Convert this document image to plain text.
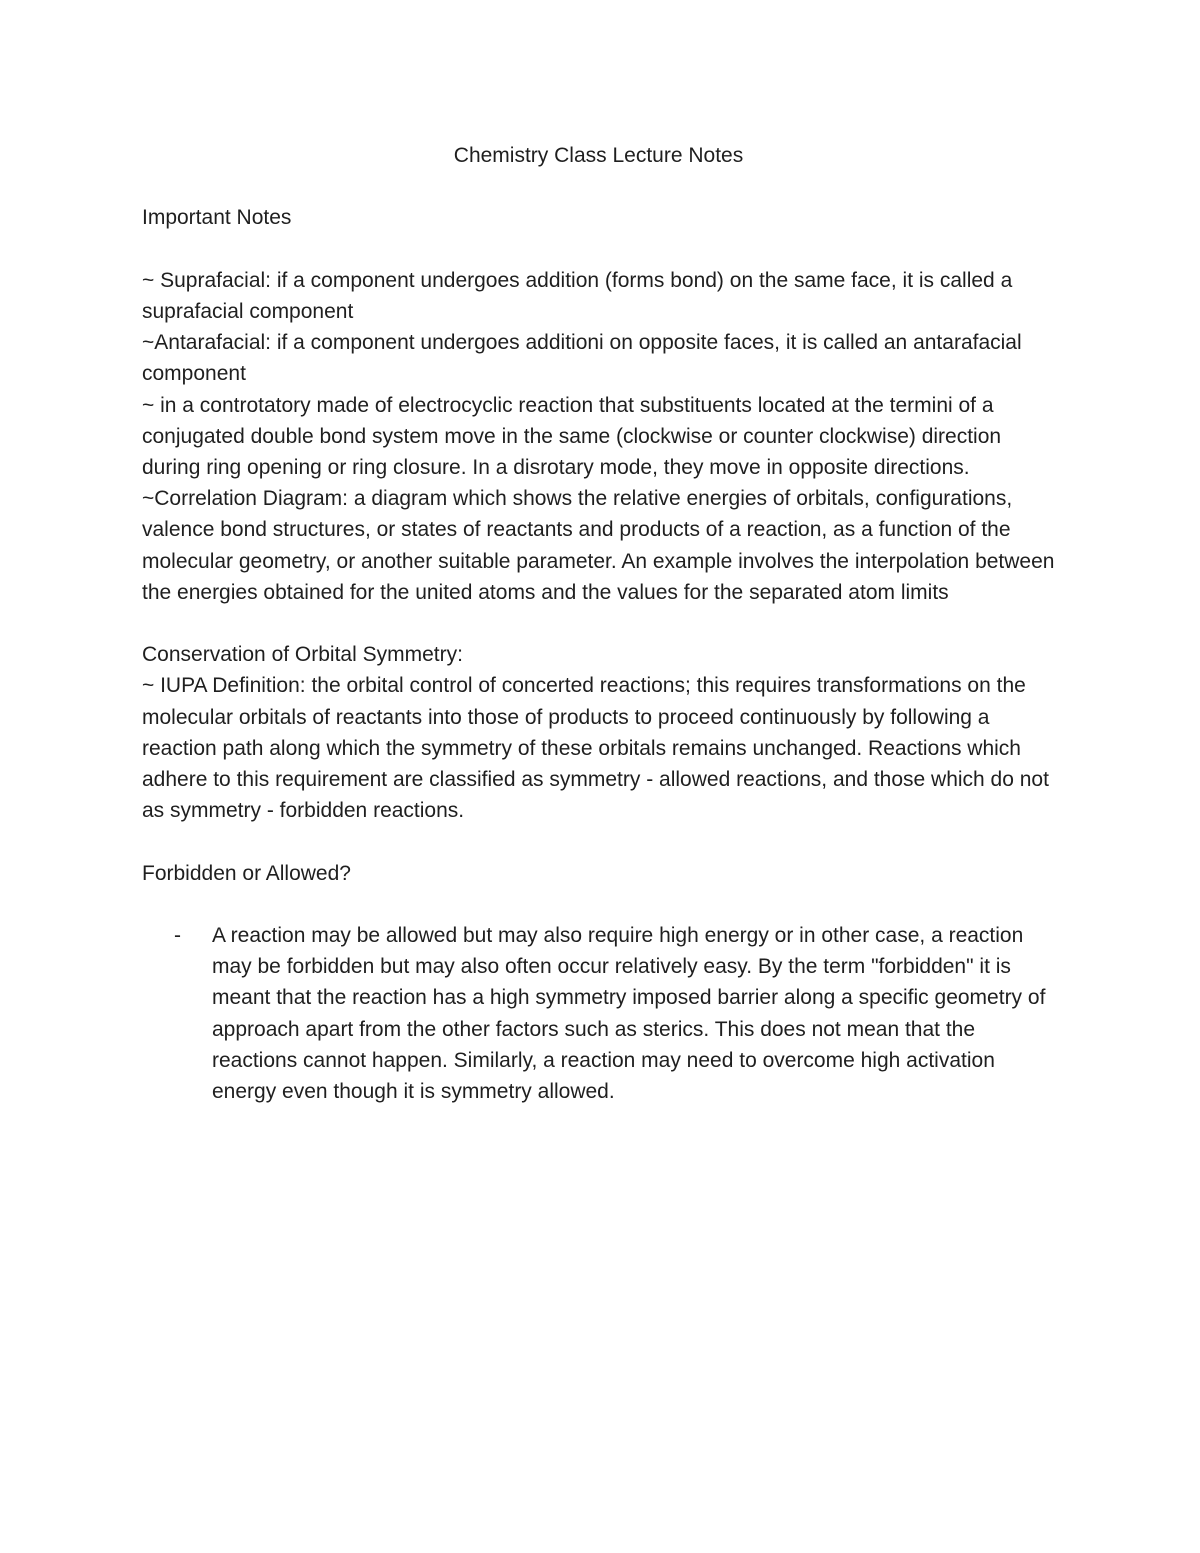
Chemistry Class Lecture Notes

Important Notes

~ Suprafacial: if a component undergoes addition (forms bond) on the same face, it is called a suprafacial component

~Antarafacial: if a component undergoes additioni on opposite faces, it is called an antarafacial component

~ in a controtatory made of electrocyclic reaction that substituents located at the termini of a conjugated double bond system move in the same (clockwise or counter clockwise) direction during ring opening or ring closure. In a disrotary mode, they move in opposite directions.

~Correlation Diagram: a diagram which shows the relative energies of orbitals, configurations, valence bond structures, or states of reactants and products of a reaction, as a function of the molecular geometry, or another suitable parameter. An example involves the interpolation between the energies obtained for the united atoms and the values for the separated atom limits

Conservation of Orbital Symmetry:

~ IUPA Definition: the orbital control of concerted reactions; this requires transformations on the molecular orbitals of reactants into those of products to proceed continuously by following a reaction path along which the symmetry of these orbitals remains unchanged. Reactions which adhere to this requirement are classified as symmetry - allowed reactions, and those which do not as symmetry - forbidden reactions.

Forbidden or Allowed?

- A reaction may be allowed but may also require high energy or in other case, a reaction may be forbidden but may also often occur relatively easy. By the term "forbidden" it is meant that the reaction has a high symmetry imposed barrier along a specific geometry of approach apart from the other factors such as sterics. This does not mean that the reactions cannot happen. Similarly, a reaction may need to overcome high activation energy even though it is symmetry allowed.
